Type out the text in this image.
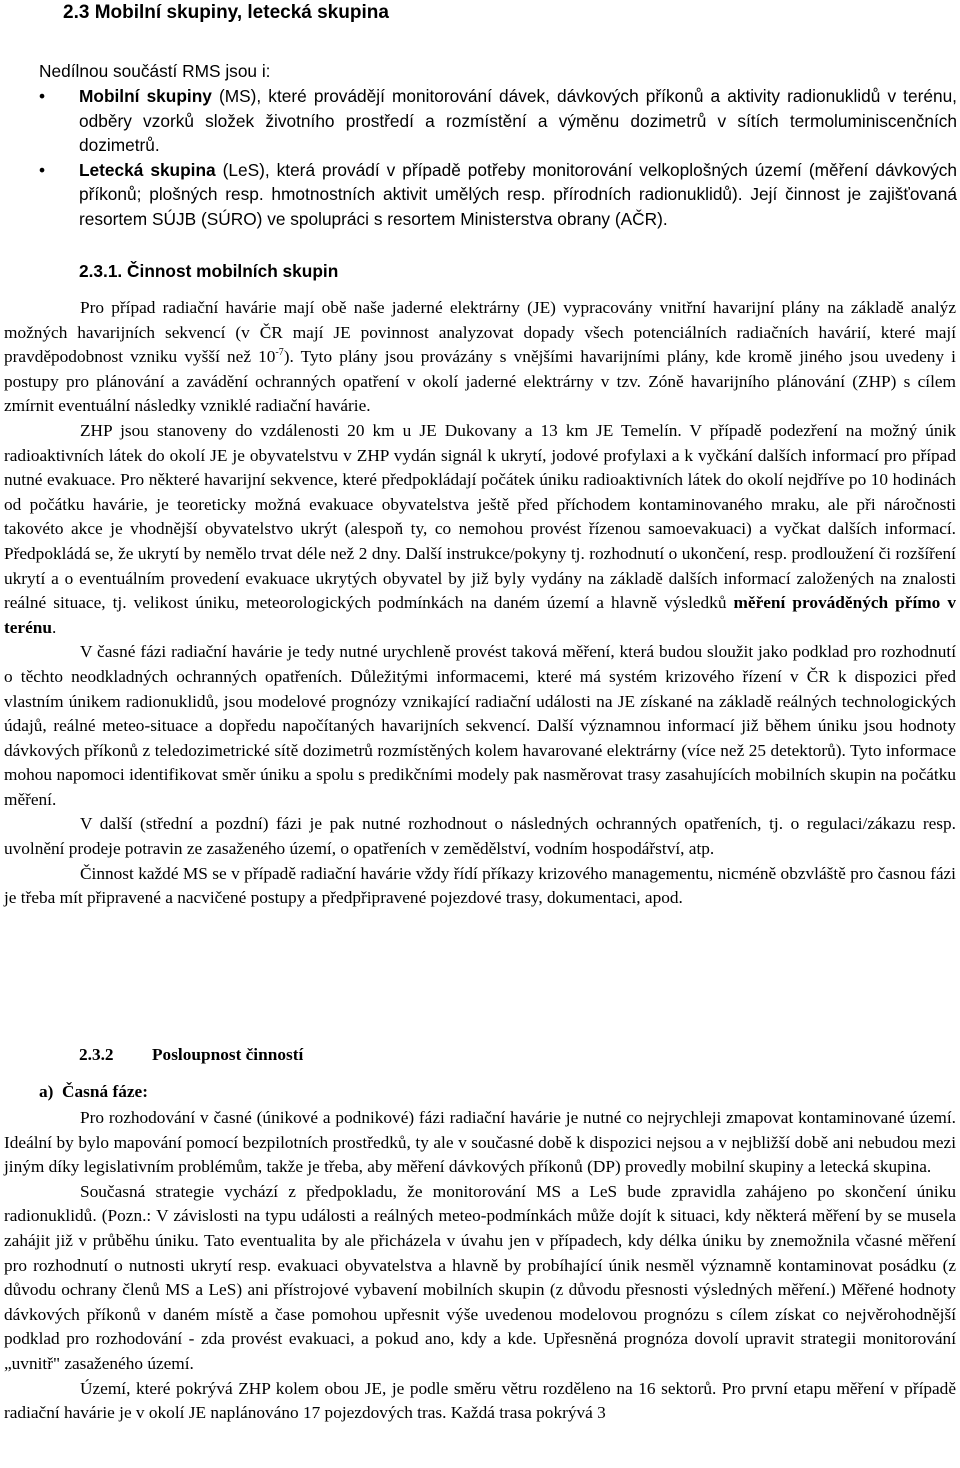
2.3 Mobilní skupiny, letecká skupina
Nedílnou součástí RMS jsou i:
• Mobilní skupiny (MS), které provádějí monitorování dávek, dávkových příkonů a aktivity radionuklidů v terénu, odběry vzorků složek životního prostředí a rozmístění a výměnu dozimetrů v sítích termoluminiscenčních dozimetrů.
• Letecká skupina (LeS), která provádí v případě potřeby monitorování velkoplošných území (měření dávkových příkonů; plošných resp. hmotnostních aktivit umělých resp. přírodních radionuklidů). Její činnost je zajišťovaná resortem SÚJB (SÚRO) ve spolupráci s resortem Ministerstva obrany (AČR).
2.3.1. Činnost mobilních skupin

Pro případ radiační havárie mají obě naše jaderné elektrárny (JE) vypracovány vnitřní havarijní plány na základě analýz možných havarijních sekvencí (v ČR mají JE povinnost analyzovat dopady všech potenciálních radiačních havárií, které mají pravděpodobnost vzniku vyšší než $10^{-7}$). Tyto plány jsou provázány s vnějšími havarijními plány, kde kromě jiného jsou uvedeny i postupy pro plánování a zavádění ochranných opatření v okolí jaderné elektrárny v tzv. Zóně havarijního plánování (ZHP) s cílem zmírnit eventuální následky vzniklé radiační havárie.

ZHP jsou stanoveny do vzdálenosti 20 km u JE Dukovany a 13 km JE Temelín. V případě podezření na možný únik radioaktivních látek do okolí JE je obyvatelstvu v ZHP vydán signál k ukrytí, jodové profylaxi a k vyčkání dalších informací pro případ nutné evakuace. Pro některé havarijní sekvence, které předpokládají počátek úniku radioaktivních látek do okolí nejdříve po 10 hodinách od počátku havárie, je teoreticky možná evakuace obyvatelstva ještě před příchodem kontaminovaného mraku, ale při náročnosti takovéto akce je vhodnější obyvatelstvo ukrýt (alespoň ty, co nemohou provést řízenou samoevakuaci) a vyčkat dalších informací. Předpokládá se, že ukrytí by nemělo trvat déle než 2 dny. Další instrukce/pokyny tj. rozhodnutí o ukončení, resp. prodloužení či rozšíření ukrytí a o eventuálním provedení evakuace ukrytých obyvatel by již byly vydány na základě dalších informací založených na znalosti reálné situace, tj. velikost úniku, meteorologických podmínkách na daném území a hlavně výsledků měření prováděných přímo v terénu.

V časné fázi radiační havárie je tedy nutné urychleně provést taková měření, která budou sloužit jako podklad pro rozhodnutí o těchto neodkladných ochranných opatřeních. Důležitými informacemi, které má systém krizového řízení v ČR k dispozici před vlastním únikem radionuklidů, jsou modelové prognózy vznikající radiační události na JE získané na základě reálných technologických údajů, reálné meteo-situace a dopředu napočítaných havarijních sekvencí. Další významnou informací již během úniku jsou hodnoty dávkových příkonů z teledozimetrické sítě dozimetrů rozmístěných kolem havarované elektrárny (více než 25 detektorů). Tyto informace mohou napomoci identifikovat směr úniku a spolu s predikčními modely pak nasměrovat trasy zasahujících mobilních skupin na počátku měření.

V další (střední a pozdní) fázi je pak nutné rozhodnout o následných ochranných opatřeních, tj. o regulaci/zákazu resp. uvolnění prodeje potravin ze zasaženého území, o opatřeních v zemědělství, vodním hospodářství, atp.

Činnost každé MS se v případě radiační havárie vždy řídí příkazy krizového managementu, nicméně obzvláště pro časnou fázi je třeba mít připravené a nacvičené postupy a předpřipravené pojezdové trasy, dokumentaci, apod.

2.3.2 Posloupnost činností
a)  Časná fáze:

Pro rozhodování v časné (únikové a podnikové) fázi radiační havárie je nutné co nejrychleji zmapovat kontaminované území. Ideální by bylo mapování pomocí bezpilotních prostředků, ty ale v současné době k dispozici nejsou a v nejbližší době ani nebudou mezi jiným díky legislativním problémům, takže je třeba, aby měření dávkových příkonů (DP) provedly mobilní skupiny a letecká skupina.

Současná strategie vychází z předpokladu, že monitorování MS a LeS bude zpravidla zahájeno po skončení úniku radionuklidů. (Pozn.: V závislosti na typu události a reálných meteo-podmínkách může dojít k situaci, kdy některá měření by se musela zahájit již v průběhu úniku. Tato eventualita by ale přicházela v úvahu jen v případech, kdy délka úniku by znemožnila včasné měření pro rozhodnutí o nutnosti ukrytí resp. evakuaci obyvatelstva a hlavně by probíhající únik nesměl významně kontaminovat posádku (z důvodu ochrany členů MS a LeS) ani přístrojové vybavení mobilních skupin (z důvodu přesnosti výsledných měření.) Měřené hodnoty dávkových příkonů v daném místě a čase pomohou upřesnit výše uvedenou modelovou prognózu s cílem získat co nejvěrohodnější podklad pro rozhodování - zda provést evakuaci, a pokud ano, kdy a kde. Upřesněná prognóza dovolí upravit strategii monitorování „uvnitř" zasaženého území.

Území, které pokrývá ZHP kolem obou JE, je podle směru větru rozděleno na 16 sektorů. Pro první etapu měření v případě radiační havárie je v okolí JE naplánováno 17 pojezdových tras. Každá trasa pokrývá 3
